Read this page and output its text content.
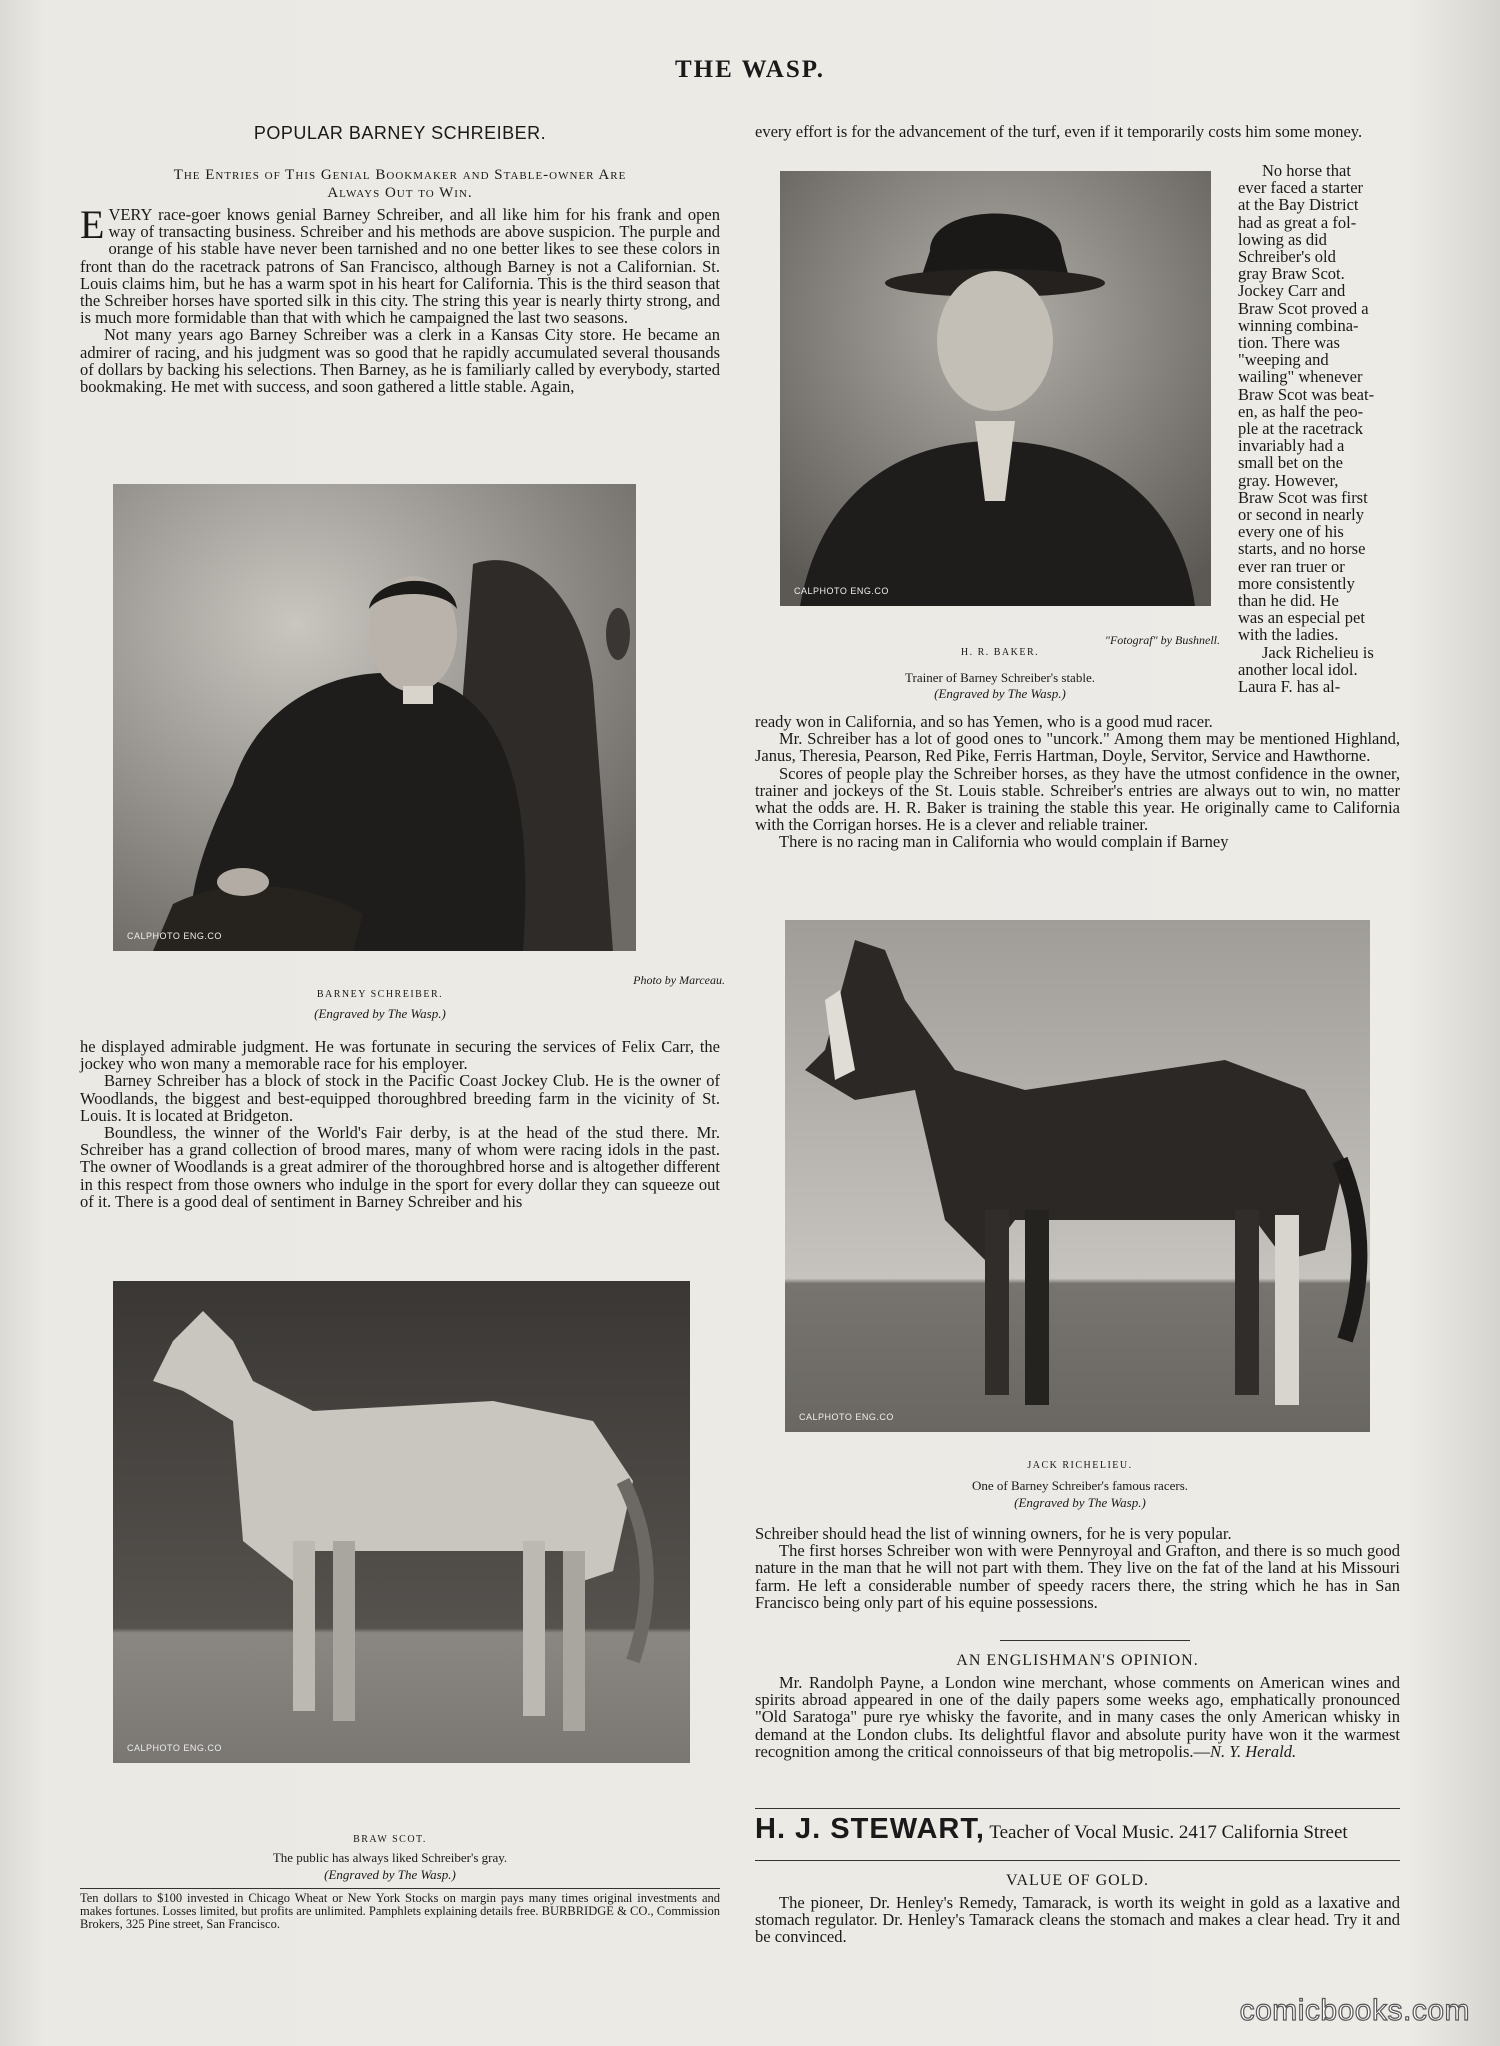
THE WASP.
POPULAR BARNEY SCHREIBER.
The Entries of This Genial Bookmaker and Stable-owner Are
Always Out to Win.

EVERY race-goer knows genial Barney Schreiber, and all like him for his frank and open way of transacting business. Schreiber and his methods are above suspicion. The purple and orange of his stable have never been tarnished and no one better likes to see these colors in front than do the racetrack patrons of San Francisco, although Barney is not a Californian. St. Louis claims him, but he has a warm spot in his heart for California. This is the third season that the Schreiber horses have sported silk in this city. The string this year is nearly thirty strong, and is much more formidable than that with which he campaigned the last two seasons.

Not many years ago Barney Schreiber was a clerk in a Kansas City store. He became an admirer of racing, and his judgment was so good that he rapidly accumulated several thousands of dollars by backing his selections. Then Barney, as he is familiarly called by everybody, started bookmaking. He met with success, and soon gathered a little stable. Again,

CALPHOTO ENG.CO
Photo by Marceau.
BARNEY SCHREIBER.
(Engraved by The Wasp.)

he displayed admirable judgment. He was fortunate in securing the services of Felix Carr, the jockey who won many a memorable race for his employer.

Barney Schreiber has a block of stock in the Pacific Coast Jockey Club. He is the owner of Woodlands, the biggest and best-equipped thoroughbred breeding farm in the vicinity of St. Louis. It is located at Bridgeton.

Boundless, the winner of the World's Fair derby, is at the head of the stud there. Mr. Schreiber has a grand collection of brood mares, many of whom were racing idols in the past. The owner of Woodlands is a great admirer of the thoroughbred horse and is altogether different in this respect from those owners who indulge in the sport for every dollar they can squeeze out of it. There is a good deal of sentiment in Barney Schreiber and his

CALPHOTO ENG.CO
BRAW SCOT.
The public has always liked Schreiber's gray.
(Engraved by The Wasp.)
Ten dollars to $100 invested in Chicago Wheat or New York Stocks on margin pays many times original investments and makes fortunes. Losses limited, but profits are unlimited. Pamphlets explaining details free. BURBRIDGE & CO., Commission Brokers, 325 Pine street, San Francisco.

every effort is for the advancement of the turf, even if it temporarily costs him some money.

CALPHOTO ENG.CO
"Fotograf" by Bushnell.
H. R. BAKER.
Trainer of Barney Schreiber's stable.
(Engraved by The Wasp.)
No horse that
ever faced a starter
at the Bay District
had as great a fol-
lowing as did
Schreiber's old
gray Braw Scot.
Jockey Carr and
Braw Scot proved a
winning combina-
tion. There was
"weeping and
wailing" whenever
Braw Scot was beat-
en, as half the peo-
ple at the racetrack
invariably had a
small bet on the
gray. However,
Braw Scot was first
or second in nearly
every one of his
starts, and no horse
ever ran truer or
more consistently
than he did. He
was an especial pet
with the ladies.
Jack Richelieu is
another local idol.
Laura F. has al-

ready won in California, and so has Yemen, who is a good mud racer.

Mr. Schreiber has a lot of good ones to "uncork." Among them may be mentioned Highland, Janus, Theresia, Pearson, Red Pike, Ferris Hartman, Doyle, Servitor, Service and Hawthorne.

Scores of people play the Schreiber horses, as they have the utmost confidence in the owner, trainer and jockeys of the St. Louis stable. Schreiber's entries are always out to win, no matter what the odds are. H. R. Baker is training the stable this year. He originally came to California with the Corrigan horses. He is a clever and reliable trainer.

There is no racing man in California who would complain if Barney

CALPHOTO ENG.CO
JACK RICHELIEU.
One of Barney Schreiber's famous racers.
(Engraved by The Wasp.)

Schreiber should head the list of winning owners, for he is very popular.

The first horses Schreiber won with were Pennyroyal and Grafton, and there is so much good nature in the man that he will not part with them. They live on the fat of the land at his Missouri farm. He left a considerable number of speedy racers there, the string which he has in San Francisco being only part of his equine possessions.

AN ENGLISHMAN'S OPINION.

Mr. Randolph Payne, a London wine merchant, whose comments on American wines and spirits abroad appeared in one of the daily papers some weeks ago, emphatically pronounced "Old Saratoga" pure rye whisky the favorite, and in many cases the only American whisky in demand at the London clubs. Its delightful flavor and absolute purity have won it the warmest recognition among the critical connoisseurs of that big metropolis.—N. Y. Herald.

H. J. STEWART, Teacher of Vocal Music. 2417 California Street
VALUE OF GOLD.

The pioneer, Dr. Henley's Remedy, Tamarack, is worth its weight in gold as a laxative and stomach regulator. Dr. Henley's Tamarack cleans the stomach and makes a clear head. Try it and be convinced.

comicbooks.com
